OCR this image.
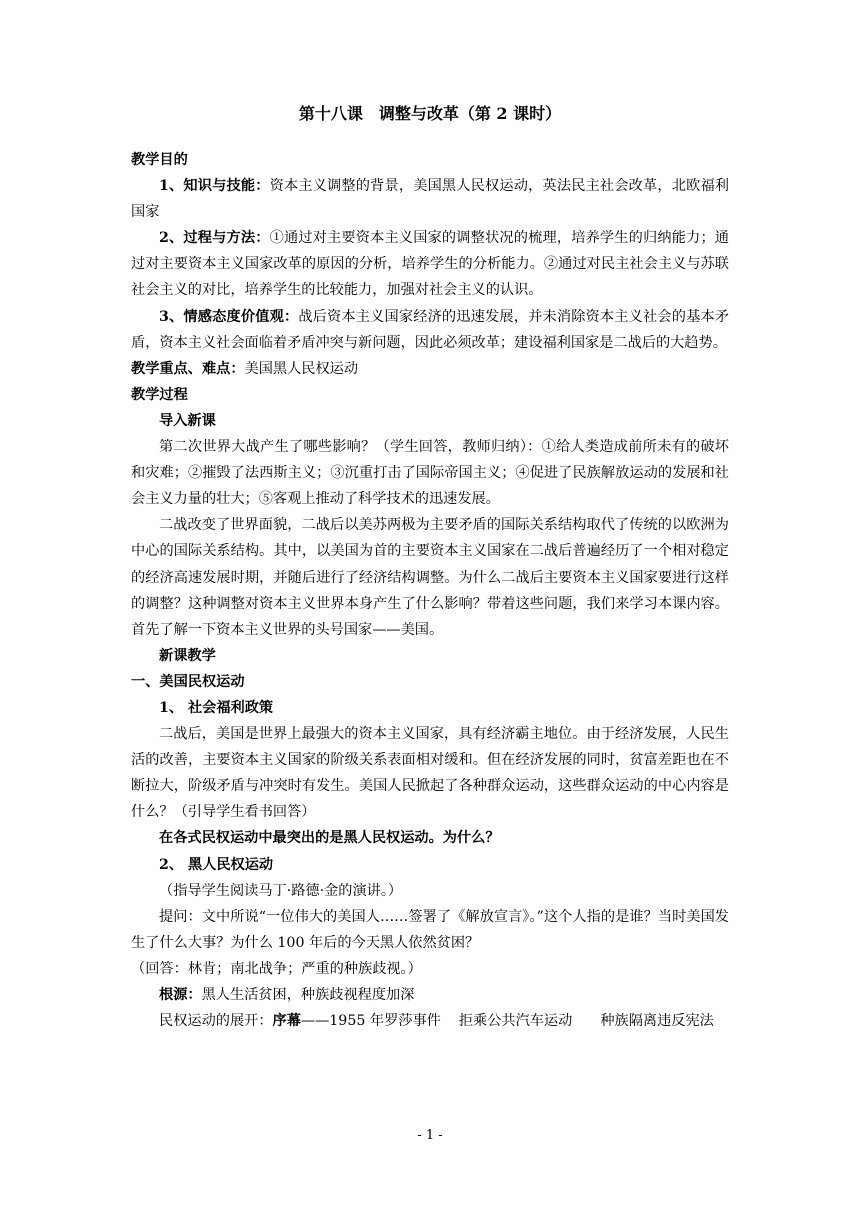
第十八课　调整与改革（第 2 课时）

教学目的

1、知识与技能：资本主义调整的背景，美国黑人民权运动，英法民主社会改革，北欧福利国家

2、过程与方法：①通过对主要资本主义国家的调整状况的梳理，培养学生的归纳能力；通过对主要资本主义国家改革的原因的分析，培养学生的分析能力。②通过对民主社会主义与苏联社会主义的对比，培养学生的比较能力，加强对社会主义的认识。

3、情感态度价值观：战后资本主义国家经济的迅速发展，并未消除资本主义社会的基本矛盾，资本主义社会面临着矛盾冲突与新问题，因此必须改革；建设福利国家是二战后的大趋势。

教学重点、难点：美国黑人民权运动

教学过程

导入新课

第二次世界大战产生了哪些影响？（学生回答，教师归纳）：①给人类造成前所未有的破坏和灾难；②摧毁了法西斯主义；③沉重打击了国际帝国主义；④促进了民族解放运动的发展和社会主义力量的壮大；⑤客观上推动了科学技术的迅速发展。

二战改变了世界面貌，二战后以美苏两极为主要矛盾的国际关系结构取代了传统的以欧洲为中心的国际关系结构。其中，以美国为首的主要资本主义国家在二战后普遍经历了一个相对稳定的经济高速发展时期，并随后进行了经济结构调整。为什么二战后主要资本主义国家要进行这样的调整？这种调整对资本主义世界本身产生了什么影响？带着这些问题，我们来学习本课内容。首先了解一下资本主义世界的头号国家——美国。

新课教学

一、美国民权运动

1、 社会福利政策

二战后，美国是世界上最强大的资本主义国家，具有经济霸主地位。由于经济发展，人民生活的改善，主要资本主义国家的阶级关系表面相对缓和。但在经济发展的同时，贫富差距也在不断拉大，阶级矛盾与冲突时有发生。美国人民掀起了各种群众运动，这些群众运动的中心内容是什么？（引导学生看书回答）

在各式民权运动中最突出的是黑人民权运动。为什么？

2、 黑人民权运动

（指导学生阅读马丁·路德·金的演讲。）

提问：文中所说“一位伟大的美国人……签署了《解放宣言》。”这个人指的是谁？当时美国发生了什么大事？为什么 100 年后的今天黑人依然贫困？

（回答：林肯；南北战争；严重的种族歧视。）

根源：黑人生活贫困，种族歧视程度加深

民权运动的展开：序幕——1955 年罗莎事件 拒乘公共汽车运动 种族隔离违反宪法

- 1 -
